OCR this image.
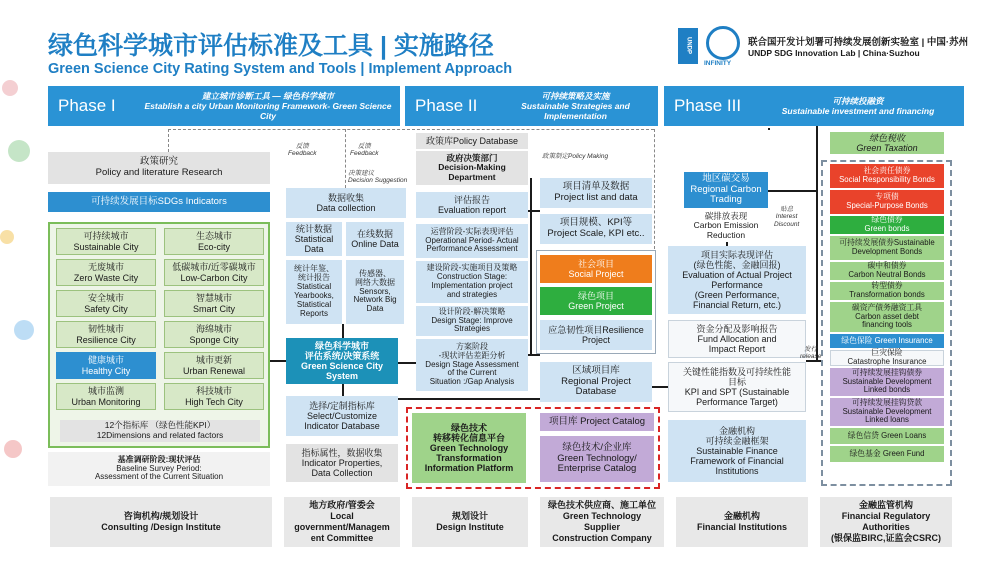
绿色科学城市评估标准及工具 | 实施路径
Green Science City Rating System and Tools | Implement Approach
UNDP
INFINITY
联合国开发计划署可持续发展创新实验室 | 中国·苏州
UNDP SDG Innovation Lab | China·Suzhou
Phase I
建立城市诊断工具 — 绿色科学城市
Establish a city Urban Monitoring Framework- Green Science City
Phase II
可持续策略及实施
Sustainable Strategies and Implementation
Phase III	可持续投融资
Sustainable investment and financing
政策研究
Policy and literature Research
可持续发展目标SDGs Indicators
可持续城市
Sustainable City
生态城市
Eco-city
无废城市
Zero Waste City
低碳城市/近零碳城市
Low-Carbon City
安全城市
Safety City
智慧城市
Smart City
韧性城市
Resilience City
海绵城市
Sponge City
健康城市
Healthy City
城市更新
Urban Renewal
城市监测
Urban Monitoring
科技城市
High Tech City
12个指标库 （绿色性能KPI）
12Dimensions and related factors
基准调研阶段:现状评估
Baseline Survey Period:
Assessment of the Current Situation
数据收集
Data collection
统计数据
Statistical Data
在线数据
Online Data
统计年鉴、
统计报告
Statistical
Yearbooks,
Statistical
Reports
传感器、
网络大数据
Sensors,
Network Big
Data
绿色科学城市
评估系统/决策系统
Green Science City
System
选择/定制指标库
Select/Customize
Indicator Database
指标属性，数据收集
Indicator Properties,
Data Collection
政策库Policy Database
政府决策部门
Decision-Making
Department
评估报告
Evaluation report
运营阶段-实际表现评估
Operational Period- Actual
Performance Assessment
建设阶段-实施项目及策略
Construction Stage:
Implementation project
and strategies
设计阶段-解决策略
Design Stage: Improve
Strategies
方案阶段
-现状评估差距分析
Design Stage Assessment
of the Current
Situation :/Gap Analysis
绿色技术
转移转化信息平台
Green Technology
Transformation
Information Platform
项目清单及数据
Project list and data
项目规模、KPI等
Project Scale, KPI etc..
社会项目
Social Project
绿色项目
Green Project
应急韧性项目Resilience
Project
区域项目库
Regional Project
Database
项目库 Project Catalog
绿色技术/企业库
Green Technology/
Enterprise Catalog
地区碳交易
Regional Carbon
Trading
碳排放表现
Carbon Emission
Reduction
项目实际表现评估
(绿色性能、金融回报)
Evaluation of Actual Project
Performance
(Green Performance,
Financial Return, etc.)
资金分配及影响报告
Fund Allocation and
Impact Report
关键性能指数及可持续性能
目标
KPI and SPT (Sustainable
Performance Target)
金融机构
可持续金融框架
Sustainable Finance
Framework of Financial
Institutions
绿色税收
Green Taxation
社会责任债券
Social Responsibility Bonds
专项债
Special-Purpose Bonds
绿色债券
Green bonds
可持续发展债券Sustainable
Development Bonds
碳中和债券
Carbon Neutral Bonds
转型债券
Transformation bonds
碳资产债务融资工具
Carbon asset debt
financing tools
绿色保险 Green Insurance
巨灾保险
Catastrophe Insurance
可持续发展挂钩债券
Sustainable Development
Linked bonds
可持续发展挂钩贷款
Sustainable Development
Linked loans
绿色信贷 Green Loans
绿色基金 Green Fund
反馈
Feedback
反馈
Feedback
决策建议
Decision Suggestion
政策制定Policy Making
贴息
Interest
Discount
发行
release
咨询机构/规划设计
Consulting /Design Institute
地方政府/管委会
Local
government/Managem
ent Committee
规划设计
Design Institute
绿色技术供应商、施工单位
Green Technology
Supplier
Construction Company
金融机构
Financial Institutions
金融监管机构
Financial Regulatory
Authorities
(银保监BIRC,证监会CSRC)
